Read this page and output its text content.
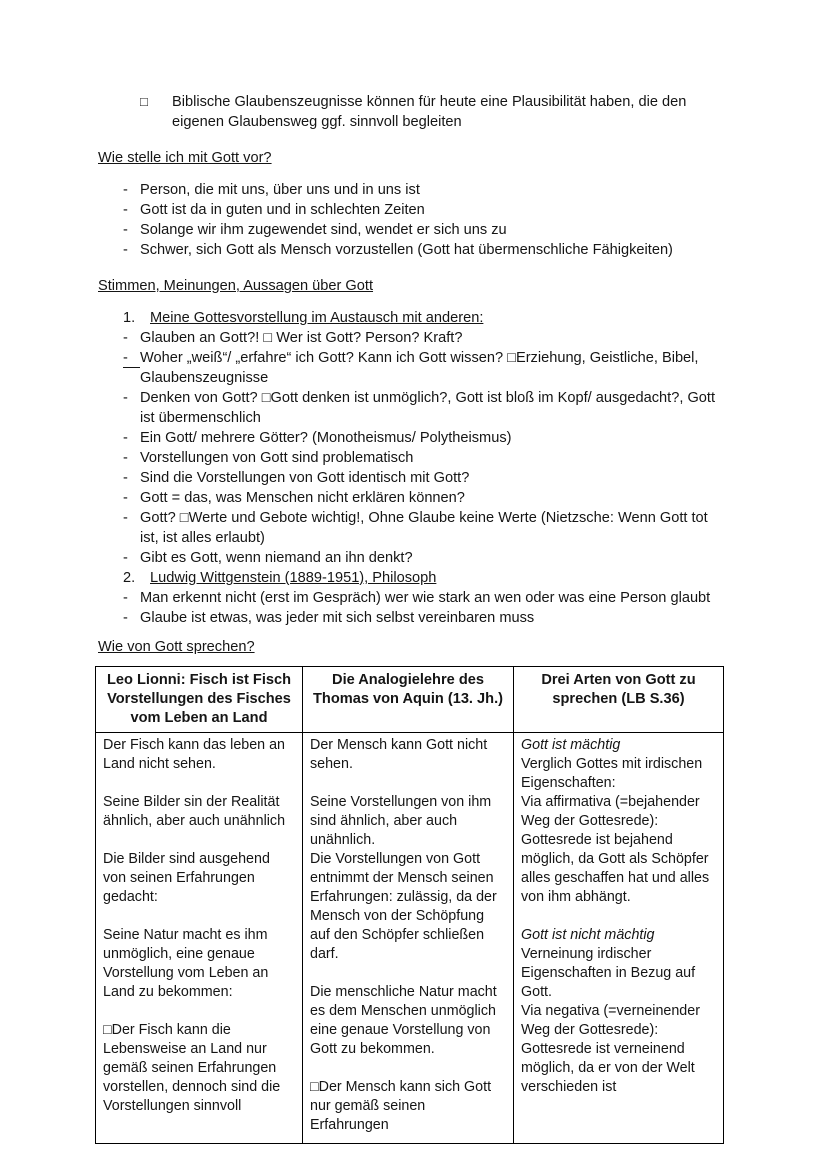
□	Biblische Glaubenszeugnisse können für heute eine Plausibilität haben, die den eigenen Glaubensweg ggf. sinnvoll begleiten
Wie stelle ich mit Gott vor?
- Person, die mit uns, über uns und in uns ist
- Gott ist da in guten und in schlechten Zeiten
- Solange wir ihm zugewendet sind, wendet er sich uns zu
- Schwer, sich Gott als Mensch vorzustellen (Gott hat übermenschliche Fähigkeiten)
Stimmen, Meinungen, Aussagen über Gott
1.	Meine Gottesvorstellung im Austausch mit anderen:
- Glauben an Gott?! □ Wer ist Gott? Person? Kraft?
- Woher „weiß“/ „erfahre“ ich Gott? Kann ich Gott wissen? □Erziehung, Geistliche, Bibel, Glaubenszeugnisse
- Denken von Gott? □Gott denken ist unmöglich?, Gott ist bloß im Kopf/ ausgedacht?, Gott ist übermenschlich
- Ein Gott/ mehrere Götter? (Monotheismus/ Polytheismus)
- Vorstellungen von Gott sind problematisch
- Sind die Vorstellungen von Gott identisch mit Gott?
- Gott = das, was Menschen nicht erklären können?
- Gott? □Werte und Gebote wichtig!, Ohne Glaube keine Werte (Nietzsche: Wenn Gott tot ist, ist alles erlaubt)
- Gibt es Gott, wenn niemand an ihn denkt?
2.	Ludwig Wittgenstein (1889-1951), Philosoph
- Man erkennt nicht (erst im Gespräch) wer wie stark an wen oder was eine Person glaubt
- Glaube ist etwas, was jeder mit sich selbst vereinbaren muss
Wie von Gott sprechen?
Leo Lionni: Fisch ist Fisch Vorstellungen des Fisches vom Leben an Land	Die Analogielehre des Thomas von Aquin (13. Jh.)	Drei Arten von Gott zu sprechen (LB S.36)

Der Fisch kann das leben an Land nicht sehen.
Seine Bilder sin der Realität ähnlich, aber auch unähnlich
Die Bilder sind ausgehend von seinen Erfahrungen gedacht:
Seine Natur macht es ihm unmöglich, eine genaue Vorstellung vom Leben an Land zu bekommen:
□Der Fisch kann die Lebensweise an Land nur gemäß seinen Erfahrungen vorstellen, dennoch sind die Vorstellungen sinnvoll

Der Mensch kann Gott nicht sehen.
Seine Vorstellungen von ihm sind ähnlich, aber auch unähnlich.
Die Vorstellungen von Gott entnimmt der Mensch seinen Erfahrungen: zulässig, da der Mensch von der Schöpfung auf den Schöpfer schließen darf.
Die menschliche Natur macht es dem Menschen unmöglich eine genaue Vorstellung von Gott zu bekommen.
□Der Mensch kann sich Gott nur gemäß seinen Erfahrungen

Gott ist mächtig
Verglich Gottes mit irdischen Eigenschaften:
Via affirmativa (=bejahender Weg der Gottesrede): Gottesrede ist bejahend möglich, da Gott als Schöpfer alles geschaffen hat und alles von ihm abhängt.
Gott ist nicht mächtig
Verneinung irdischer Eigenschaften in Bezug auf Gott.
Via negativa (=verneinender Weg der Gottesrede): Gottesrede ist verneinend möglich, da er von der Welt verschieden ist
